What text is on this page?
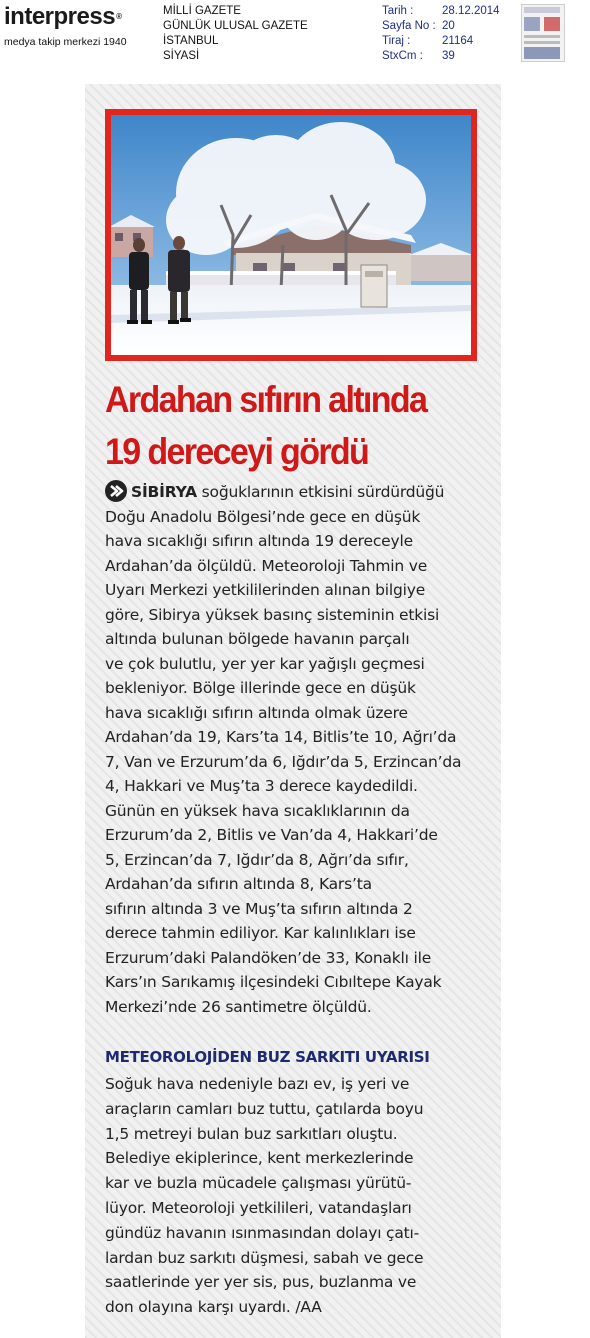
interpress®
medya takip merkezi 1940
MİLLİ GAZETE
GÜNLÜK ULUSAL GAZETE
İSTANBUL
SİYASİ
Tarih :	28.12.2014
Sayfa No : 20
Tiraj :	21164
StxCm :	39
Ardahan sıfırın altında
19 dereceyi gördü
SİBİRYA soğuklarının etkisini sürdürdüğü
Doğu Anadolu Bölgesi’nde gece en düşük
hava sıcaklığı sıfırın altında 19 dereceyle
Ardahan’da ölçüldü. Meteoroloji Tahmin ve
Uyarı Merkezi yetkililerinden alınan bilgiye
göre, Sibirya yüksek basınç sisteminin etkisi
altında bulunan bölgede havanın parçalı
ve çok bulutlu, yer yer kar yağışlı geçmesi
bekleniyor. Bölge illerinde gece en düşük
hava sıcaklığı sıfırın altında olmak üzere
Ardahan’da 19, Kars’ta 14, Bitlis’te 10, Ağrı’da
7, Van ve Erzurum’da 6, Iğdır’da 5, Erzincan’da
4, Hakkari ve Muş’ta 3 derece kaydedildi.
Günün en yüksek hava sıcaklıklarının da
Erzurum’da 2, Bitlis ve Van’da 4, Hakkari’de
5, Erzincan’da 7, Iğdır’da 8, Ağrı’da sıfır,
Ardahan’da sıfırın altında 8, Kars’ta
sıfırın altında 3 ve Muş’ta sıfırın altında 2
derece tahmin ediliyor. Kar kalınlıkları ise
Erzurum’daki Palandöken’de 33, Konaklı ile
Kars’ın Sarıkamış ilçesindeki Cıbıltepe Kayak
Merkezi’nde 26 santimetre ölçüldü.
METEOROLOJİDEN BUZ SARKITI UYARISI
Soğuk hava nedeniyle bazı ev, iş yeri ve
araçların camları buz tuttu, çatılarda boyu
1,5 metreyi bulan buz sarkıtları oluştu.
Belediye ekiplerince, kent merkezlerinde
kar ve buzla mücadele çalışması yürütü-
lüyor. Meteoroloji yetkilileri, vatandaşları
gündüz havanın ısınmasından dolayı çatı-
lardan buz sarkıtı düşmesi, sabah ve gece
saatlerinde yer yer sis, pus, buzlanma ve
don olayına karşı uyardı. /AA
